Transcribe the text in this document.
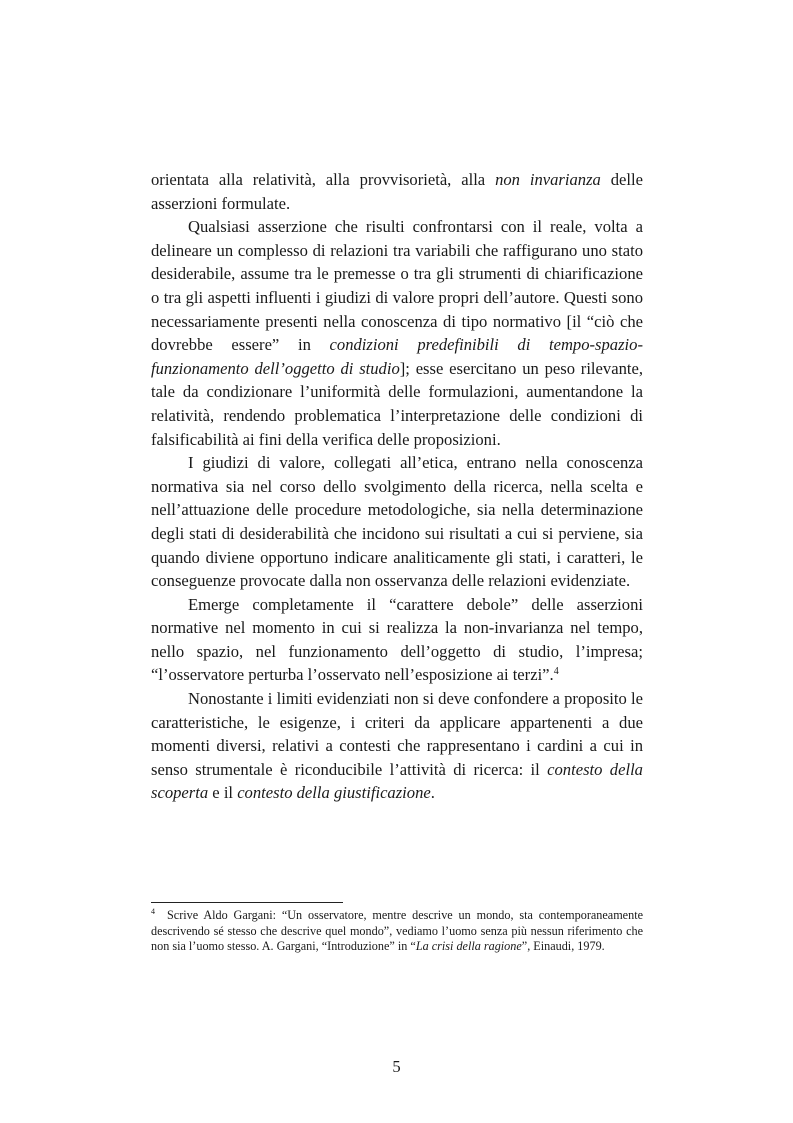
orientata alla relatività, alla provvisorietà, alla non invarianza delle asserzioni formulate.

Qualsiasi asserzione che risulti confrontarsi con il reale, volta a delineare un complesso di relazioni tra variabili che raffigurano uno stato desiderabile, assume tra le premesse o tra gli strumenti di chiarificazione o tra gli aspetti influenti i giudizi di valore propri dell’autore. Questi sono necessariamente presenti nella conoscenza di tipo normativo [il “ciò che dovrebbe essere” in condizioni predefinibili di tempo-spazio-funzionamento dell’oggetto di studio]; esse esercitano un peso rilevante, tale da condizionare l’uniformità delle formulazioni, aumentandone la relatività, rendendo problematica l’interpretazione delle condizioni di falsificabilità ai fini della verifica delle proposizioni.

I giudizi di valore, collegati all’etica, entrano nella conoscenza normativa sia nel corso dello svolgimento della ricerca, nella scelta e nell’attuazione delle procedure metodologiche, sia nella determinazione degli stati di desiderabilità che incidono sui risultati a cui si perviene, sia quando diviene opportuno indicare analiticamente gli stati, i caratteri, le conseguenze provocate dalla non osservanza delle relazioni evidenziate.

Emerge completamente il “carattere debole” delle asserzioni normative nel momento in cui si realizza la non-invarianza nel tempo, nello spazio, nel funzionamento dell’oggetto di studio, l’impresa; “l’osservatore perturba l’osservato nell’esposizione ai terzi”.$^4$

Nonostante i limiti evidenziati non si deve confondere a proposito le caratteristiche, le esigenze, i criteri da applicare appartenenti a due momenti diversi, relativi a contesti che rappresentano i cardini a cui in senso strumentale è riconducibile l’attività di ricerca: il contesto della scoperta e il contesto della giustificazione.

$^4$ Scrive Aldo Gargani: “Un osservatore, mentre descrive un mondo, sta contemporaneamente descrivendo sé stesso che descrive quel mondo”, vediamo l’uomo senza più nessun riferimento che non sia l’uomo stesso. A. Gargani, “Introduzione” in “La crisi della ragione”, Einaudi, 1979.

5
